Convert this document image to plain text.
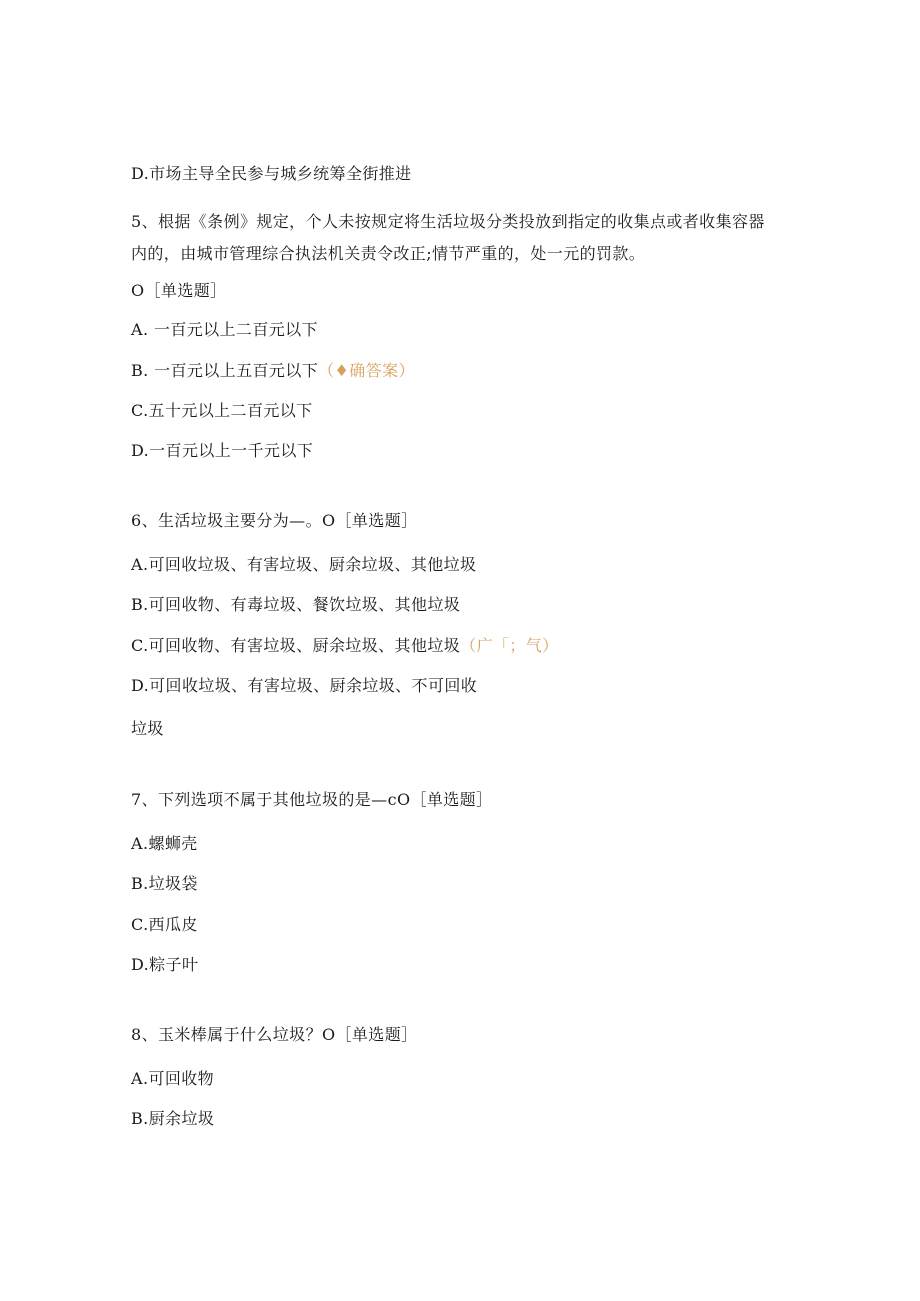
D.市场主导全民参与城乡统筹全街推进
5、根据《条例》规定，个人未按规定将生活垃圾分类投放到指定的收集点或者收集容器
内的，由城市管理综合执法机关责令改正;情节严重的，处一元的罚款。
O［单选题］
A. 一百元以上二百元以下
B. 一百元以上五百元以下（♦确答案）
C.五十元以上二百元以下
D.一百元以上一千元以下
6、生活垃圾主要分为—。O［单选题］
A.可回收垃圾、有害垃圾、厨余垃圾、其他垃圾
B.可回收物、有毒垃圾、餐饮垃圾、其他垃圾
C.可回收物、有害垃圾、厨余垃圾、其他垃圾（广「；气）
D.可回收垃圾、有害垃圾、厨余垃圾、不可回收
垃圾
7、下列选项不属于其他垃圾的是—cO［单选题］
A.螺蛳壳
B.垃圾袋
C.西瓜皮
D.粽子叶
8、玉米棒属于什么垃圾？O［单选题］
A.可回收物
B.厨余垃圾
